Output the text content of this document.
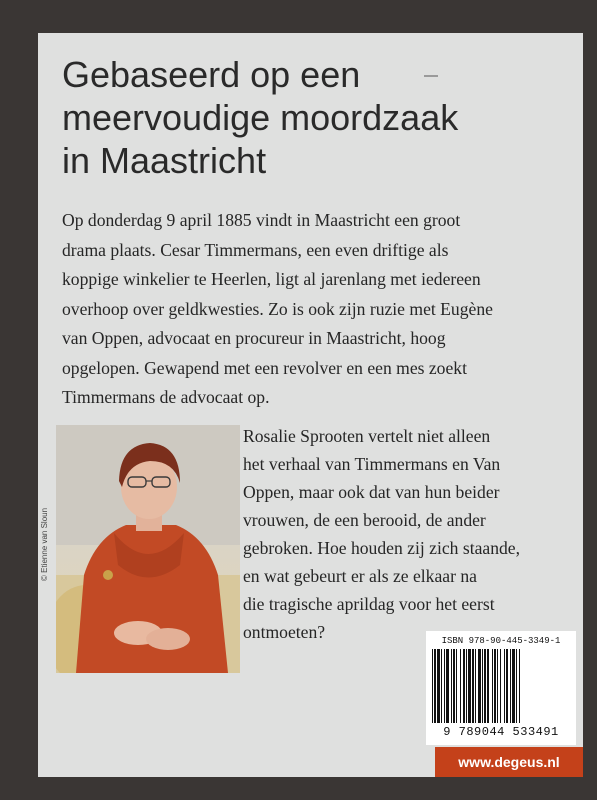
Gebaseerd op een
meervoudige moordzaak
in Maastricht
Op donderdag 9 april 1885 vindt in Maastricht een groot
drama plaats. Cesar Timmermans, een even driftige als
koppige winkelier te Heerlen, ligt al jarenlang met iedereen
overhoop over geldkwesties. Zo is ook zijn ruzie met Eugène
van Oppen, advocaat en procureur in Maastricht, hoog
opgelopen. Gewapend met een revolver en een mes zoekt
Timmermans de advocaat op.
© Etienne van Sloun
Rosalie Sprooten vertelt niet alleen
het verhaal van Timmermans en Van
Oppen, maar ook dat van hun beider
vrouwen, de een berooid, de ander
gebroken. Hoe houden zij zich staande,
en wat gebeurt er als ze elkaar na
die tragische aprildag voor het eerst
ontmoeten?	ISBN 978-90-445-3349-1
9 789044 533491
www.degeus.nl
